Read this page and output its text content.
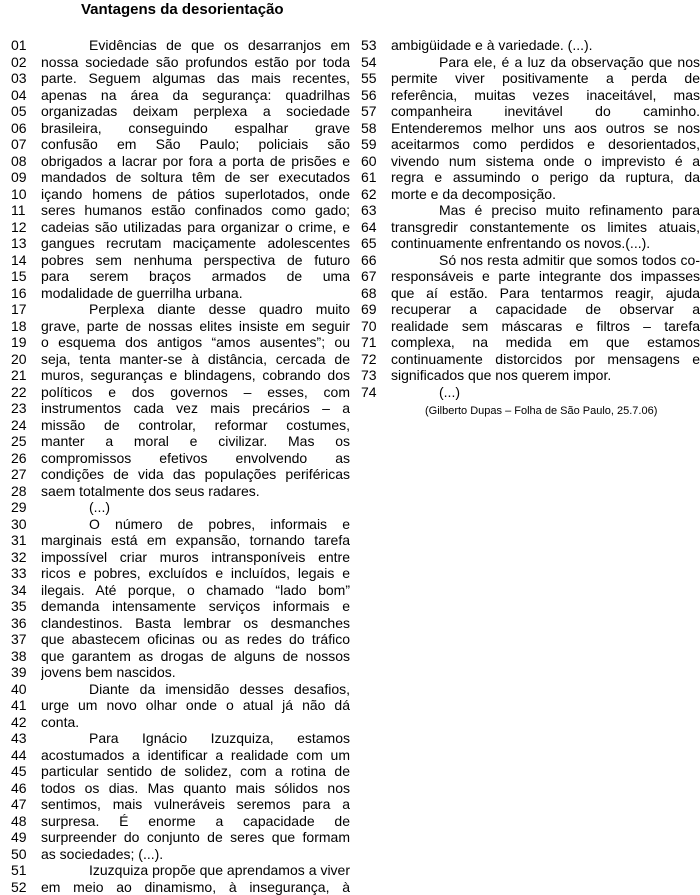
Vantagens da desorientação
01	Evidências de que os desarranjos em
02	nossa sociedade são profundos estão por toda
03	parte. Seguem algumas das mais recentes,
04	apenas na área da segurança: quadrilhas
05	organizadas deixam perplexa a sociedade
06	brasileira, conseguindo espalhar grave
07	confusão em São Paulo; policiais são
08	obrigados a lacrar por fora a porta de prisões e
09	mandados de soltura têm de ser executados
10	içando homens de pátios superlotados, onde
11	seres humanos estão confinados como gado;
12	cadeias são utilizadas para organizar o crime, e
13	gangues recrutam maciçamente adolescentes
14	pobres sem nenhuma perspectiva de futuro
15	para serem braços armados de uma
16	modalidade de guerrilha urbana.
17	Perplexa diante desse quadro muito
18	grave, parte de nossas elites insiste em seguir
19	o esquema dos antigos “amos ausentes”; ou
20	seja, tenta manter-se à distância, cercada de
21	muros, seguranças e blindagens, cobrando dos
22	políticos e dos governos – esses, com
23	instrumentos cada vez mais precários – a
24	missão de controlar, reformar costumes,
25	manter a moral e civilizar. Mas os
26	compromissos efetivos envolvendo as
27	condições de vida das populações periféricas
28	saem totalmente dos seus radares.
29	(...)
30	O número de pobres, informais e
31	marginais está em expansão, tornando tarefa
32	impossível criar muros intransponíveis entre
33	ricos e pobres, excluídos e incluídos, legais e
34	ilegais. Até porque, o chamado “lado bom”
35	demanda intensamente serviços informais e
36	clandestinos. Basta lembrar os desmanches
37	que abastecem oficinas ou as redes do tráfico
38	que garantem as drogas de alguns de nossos
39	jovens bem nascidos.
40	Diante da imensidão desses desafios,
41	urge um novo olhar onde o atual já não dá
42	conta.
43	Para Ignácio Izuzquiza, estamos
44	acostumados a identificar a realidade com um
45	particular sentido de solidez, com a rotina de
46	todos os dias. Mas quanto mais sólidos nos
47	sentimos, mais vulneráveis seremos para a
48	surpresa. É enorme a capacidade de
49	surpreender do conjunto de seres que formam
50	as sociedades; (...).
51	Izuzquiza propõe que aprendamos a viver
52	em meio ao dinamismo, à insegurança, à
53	ambigüidade e à variedade. (...).
54	Para ele, é a luz da observação que nos
55	permite viver positivamente a perda de
56	referência, muitas vezes inaceitável, mas
57	companheira inevitável do caminho.
58	Entenderemos melhor uns aos outros se nos
59	aceitarmos como perdidos e desorientados,
60	vivendo num sistema onde o imprevisto é a
61	regra e assumindo o perigo da ruptura, da
62	morte e da decomposição.
63	Mas é preciso muito refinamento para
64	transgredir constantemente os limites atuais,
65	continuamente enfrentando os novos.(...).
66	Só nos resta admitir que somos todos co-
67	responsáveis e parte integrante dos impasses
68	que aí estão. Para tentarmos reagir, ajuda
69	recuperar a capacidade de observar a
70	realidade sem máscaras e filtros – tarefa
71	complexa, na medida em que estamos
72	continuamente distorcidos por mensagens e
73	significados que nos querem impor.
74	(...)
(Gilberto Dupas – Folha de São Paulo, 25.7.06)
